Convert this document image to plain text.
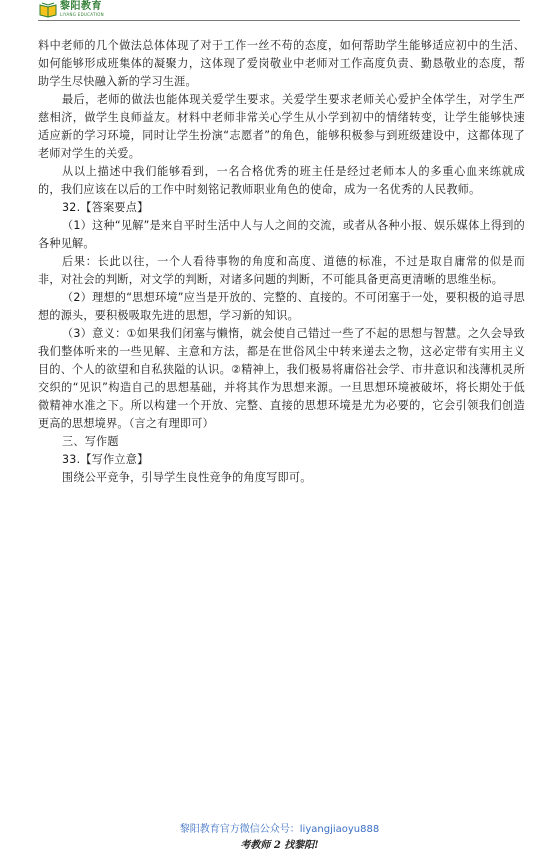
黎阳教育
LIYANG EDUCATION

料中老师的几个做法总体体现了对于工作一丝不苟的态度，如何帮助学生能够适应初中的生活、如何能够形成班集体的凝聚力，这体现了爱岗敬业中老师对工作高度负责、勤恳敬业的态度，帮助学生尽快融入新的学习生涯。

最后，老师的做法也能体现关爱学生要求。关爱学生要求老师关心爱护全体学生，对学生严慈相济，做学生良师益友。材料中老师非常关心学生从小学到初中的情绪转变，让学生能够快速适应新的学习环境，同时让学生扮演“志愿者”的角色，能够积极参与到班级建设中，这都体现了老师对学生的关爱。

从以上描述中我们能够看到，一名合格优秀的班主任是经过老师本人的多重心血来练就成的，我们应该在以后的工作中时刻铭记教师职业角色的使命，成为一名优秀的人民教师。

32.【答案要点】

（1）这种“见解”是来自平时生活中人与人之间的交流，或者从各种小报、娱乐媒体上得到的各种见解。

后果：长此以往，一个人看待事物的角度和高度、道德的标准，不过是取自庸常的似是而非，对社会的判断，对文学的判断，对诸多问题的判断，不可能具备更高更清晰的思维坐标。

（2）理想的“思想环境”应当是开放的、完整的、直接的。不可闭塞于一处，要积极的追寻思想的源头，要积极吸取先进的思想，学习新的知识。

（3）意义：①如果我们闭塞与懒惰，就会使自己错过一些了不起的思想与智慧。之久会导致我们整体听来的一些见解、主意和方法，都是在世俗风尘中转来递去之物，这必定带有实用主义目的、个人的欲望和自私狭隘的认识。②精神上，我们极易将庸俗社会学、市井意识和浅薄机灵所交织的“见识”构造自己的思想基础，并将其作为思想来源。一旦思想环境被破坏，将长期处于低微精神水准之下。所以构建一个开放、完整、直接的思想环境是尤为必要的，它会引领我们创造更高的思想境界。（言之有理即可）

三、写作题

33.【写作立意】

围绕公平竞争，引导学生良性竞争的角度写即可。

黎阳教育官方微信公众号：liyangjiaoyu888
考教师 2 找黎阳!
